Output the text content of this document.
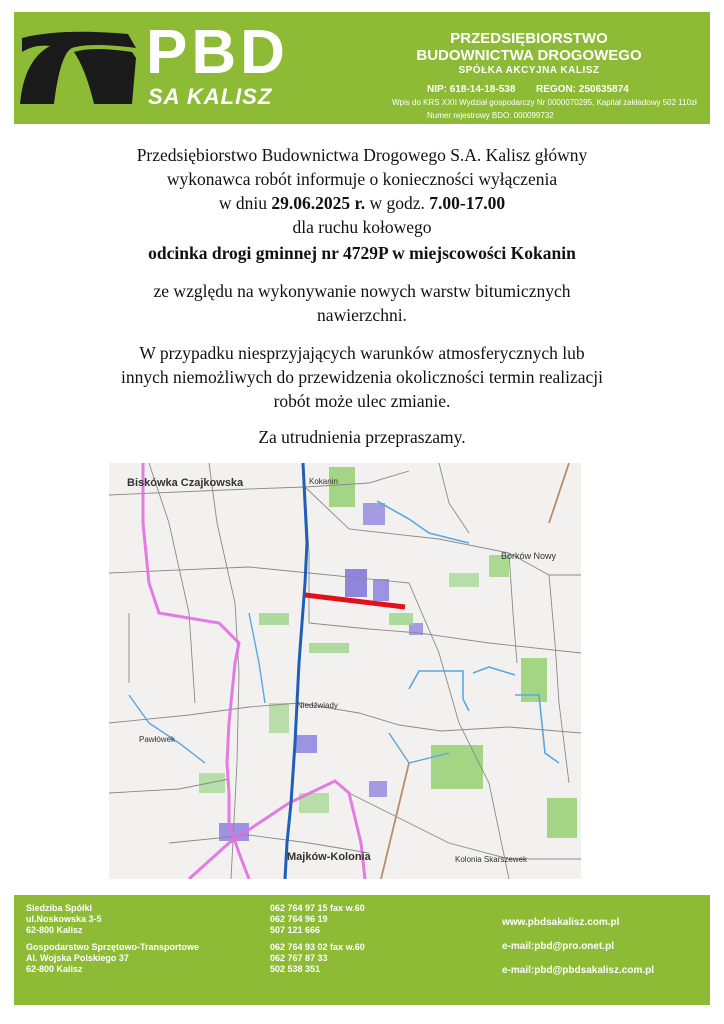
PBD
SA KALISZ
PRZEDSIĘBIORSTWO
BUDOWNICTWA DROGOWEGO
SPÓŁKA AKCYJNA KALISZ
NIP: 618-14-18-538 REGON: 250635874
Wpis do KRS XXII Wydział gospodarczy Nr 0000070295, Kapitał zakładowy 502 110zł
Numer rejestrowy BDO: 000099732

Przedsiębiorstwo Budownictwa Drogowego S.A. Kalisz główny

wykonawca robót informuje o konieczności wyłączenia

w dniu 29.06.2025 r. w godz. 7.00-17.00

dla ruchu kołowego

odcinka drogi gminnej nr 4729P w miejscowości Kokanin

ze względu na wykonywanie nowych warstw bitumicznych

nawierzchni.

W przypadku niesprzyjających warunków atmosferycznych lub

innych niemożliwych do przewidzenia okoliczności termin realizacji

robót może ulec zmianie.

Za utrudnienia przepraszamy.

Biskówka Czajkowska	Kokanin
Borków Nowy
Niedźwiady
Pawłówek
Majków-Kolonia	Kolonia Skarszewek
Siedziba Spółki
ul.Noskowska 3-5
62-800 Kalisz
Gospodarstwo Sprzętowo-Transportowe
Al. Wojska Polskiego 37
62-800 Kalisz
062 764 97 15 fax w.60
062 764 96 19
507 121 666
062 764 93 02 fax w.60
062 767 87 33
502 538 351
www.pbdsakalisz.com.pl
e-mail:pbd@pro.onet.pl
e-mail:pbd@pbdsakalisz.com.pl
